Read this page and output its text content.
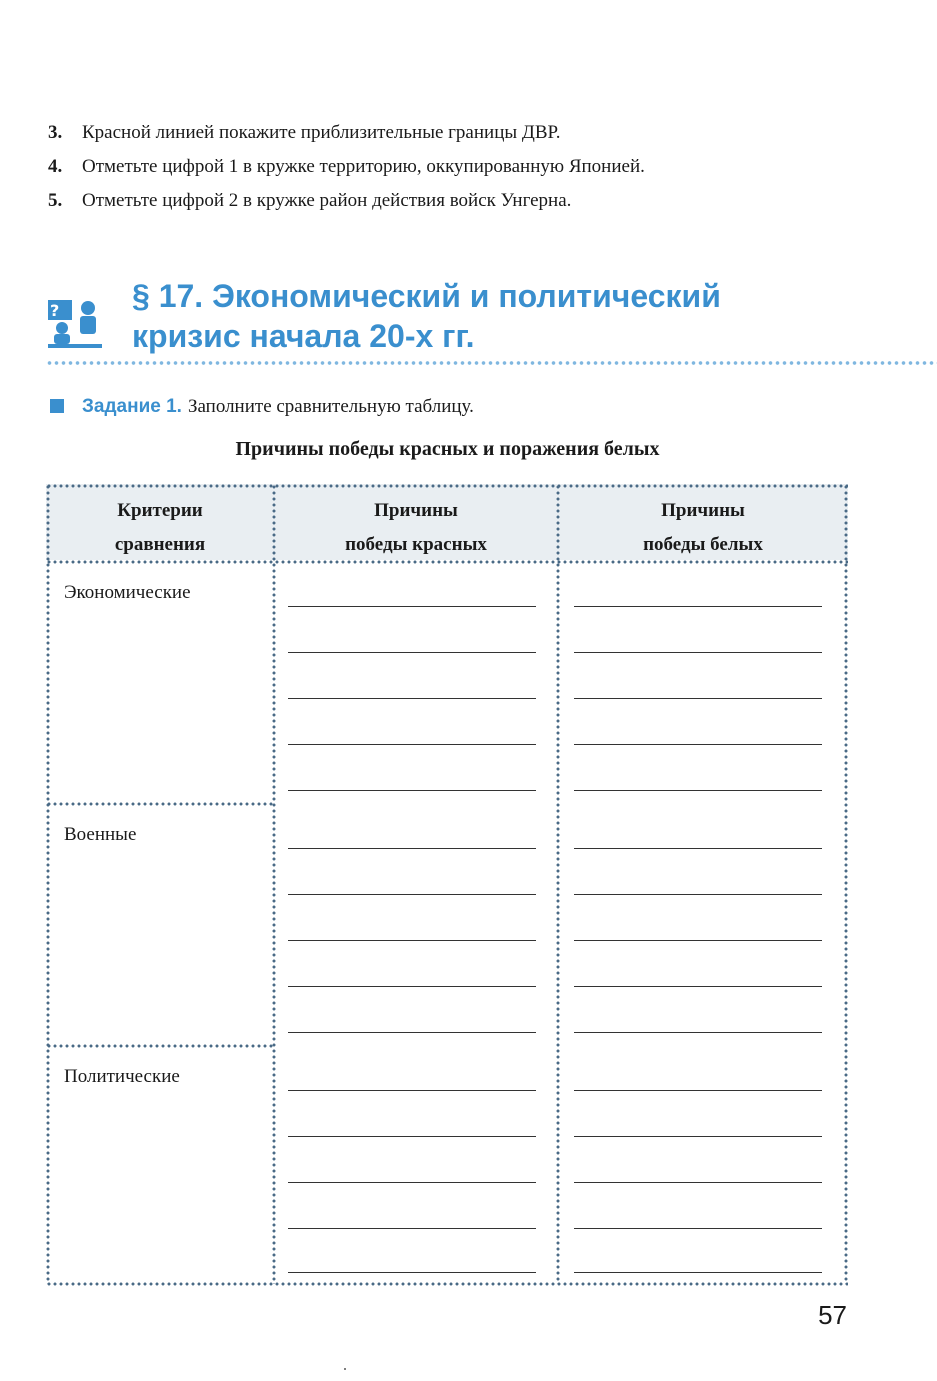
3. Красной линией покажите приблизительные границы ДВР.
4. Отметьте цифрой 1 в кружке территорию, оккупированную Японией.
5. Отметьте цифрой 2 в кружке район действия войск Унгерна.
? § 17. Экономический и политический
кризис начала 20-х гг.
Задание 1. Заполните сравнительную таблицу.
Причины победы красных и поражения белых
Критерии
сравнения
Причины
победы красных
Причины
победы белых
Экономические
Военные
Политические
57
